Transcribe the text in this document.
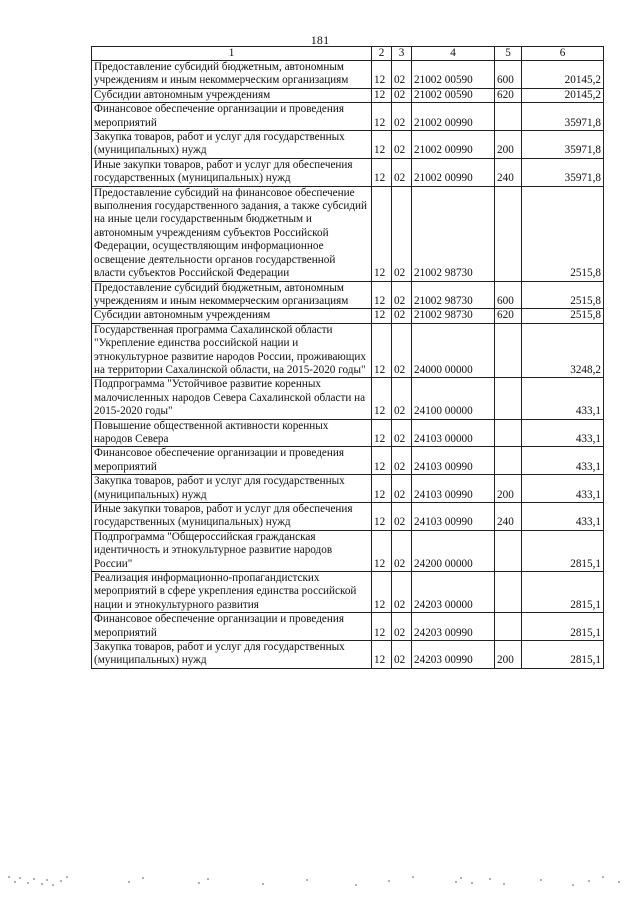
181
1	2	3	4	5	6
Предоставление субсидий бюджетным, автономным учреждениям и иным некоммерческим организациям	12	02	21002 00590	600	20145,2
Субсидии автономным учреждениям	12	02	21002 00590	620	20145,2
Финансовое обеспечение организации и проведения мероприятий	12	02	21002 00990		35971,8
Закупка товаров, работ и услуг для государственных (муниципальных) нужд	12	02	21002 00990	200	35971,8
Иные закупки товаров, работ и услуг для обеспечения государственных (муниципальных) нужд	12	02	21002 00990	240	35971,8
Предоставление субсидий на финансовое обеспечение выполнения государственного задания, а также субсидий на иные цели государственным бюджетным и автономным учреждениям субъектов Российской Федерации, осуществляющим информационное освещение деятельности органов государственной власти субъектов Российской Федерации	12	02	21002 98730		2515,8
Предоставление субсидий бюджетным, автономным учреждениям и иным некоммерческим организациям	12	02	21002 98730	600	2515,8
Субсидии автономным учреждениям	12	02	21002 98730	620	2515,8
Государственная программа Сахалинской области "Укрепление единства российской нации и этнокультурное развитие народов России, проживающих на территории Сахалинской области, на 2015-2020 годы"	12	02	24000 00000		3248,2
Подпрограмма "Устойчивое развитие коренных малочисленных народов Севера Сахалинской области на 2015-2020 годы"	12	02	24100 00000		433,1
Повышение общественной активности коренных народов Севера	12	02	24103 00000		433,1
Финансовое обеспечение организации и проведения мероприятий	12	02	24103 00990		433,1
Закупка товаров, работ и услуг для государственных (муниципальных) нужд	12	02	24103 00990	200	433,1
Иные закупки товаров, работ и услуг для обеспечения государственных (муниципальных) нужд	12	02	24103 00990	240	433,1
Подпрограмма "Общероссийская гражданская идентичность и этнокультурное развитие народов России"	12	02	24200 00000		2815,1
Реализация информационно-пропагандистских мероприятий в сфере укрепления единства российской нации и этнокультурного развития	12	02	24203 00000		2815,1
Финансовое обеспечение организации и проведения мероприятий	12	02	24203 00990		2815,1
Закупка товаров, работ и услуг для государственных (муниципальных) нужд	12	02	24203 00990	200	2815,1
